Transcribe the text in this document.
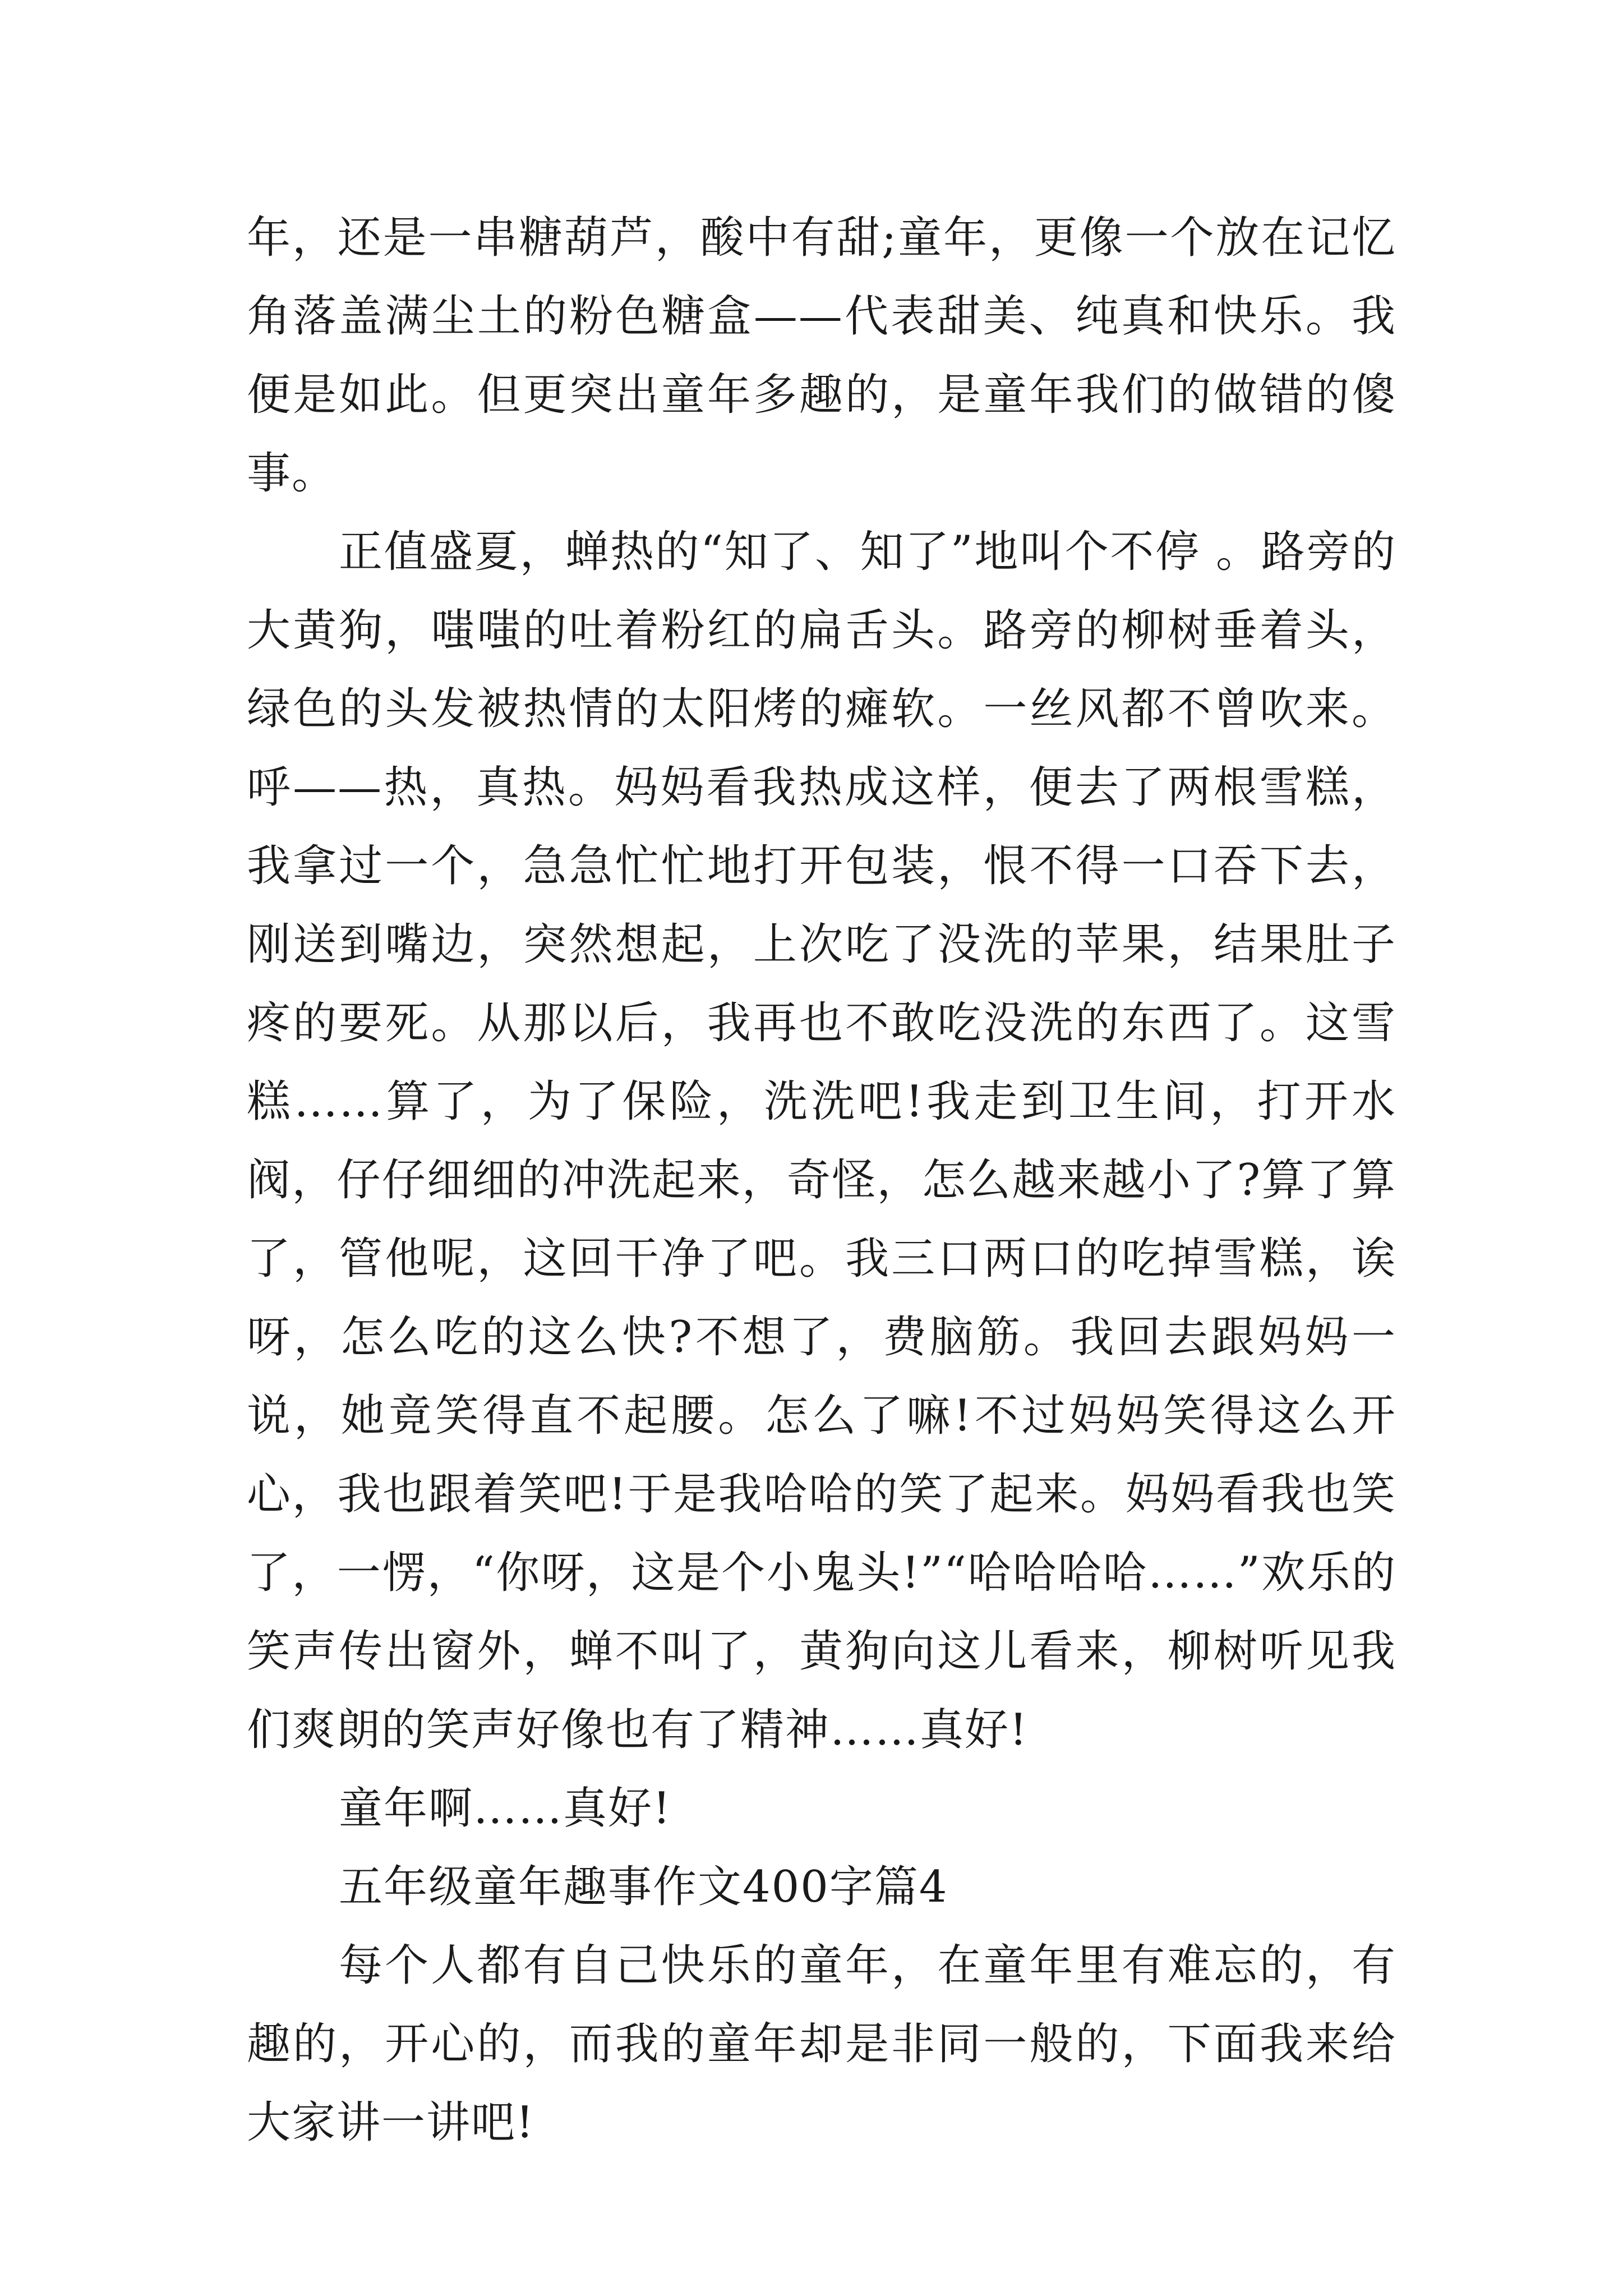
年，还是一串糖葫芦，酸中有甜;童年，更像一个放在记忆角落盖满尘土的粉色糖盒——代表甜美、纯真和快乐。我便是如此。但更突出童年多趣的，是童年我们的做错的傻事。

正值盛夏，蝉热的“知了、知了”地叫个不停 。路旁的大黄狗，嗤嗤的吐着粉红的扁舌头。路旁的柳树垂着头，绿色的头发被热情的太阳烤的瘫软。一丝风都不曾吹来。呼——热，真热。妈妈看我热成这样，便去了两根雪糕，我拿过一个，急急忙忙地打开包装，恨不得一口吞下去，刚送到嘴边，突然想起，上次吃了没洗的苹果，结果肚子疼的要死。从那以后，我再也不敢吃没洗的东西了。这雪糕……算了，为了保险，洗洗吧!我走到卫生间，打开水阀，仔仔细细的冲洗起来，奇怪，怎么越来越小了?算了算了，管他呢，这回干净了吧。我三口两口的吃掉雪糕，诶呀，怎么吃的这么快?不想了，费脑筋。我回去跟妈妈一说，她竟笑得直不起腰。怎么了嘛!不过妈妈笑得这么开心，我也跟着笑吧!于是我哈哈的笑了起来。妈妈看我也笑了，一愣，“你呀，这是个小鬼头!”“哈哈哈哈……”欢乐的笑声传出窗外，蝉不叫了，黄狗向这儿看来，柳树听见我们爽朗的笑声好像也有了精神……真好!

童年啊……真好!

五年级童年趣事作文400字篇4

每个人都有自己快乐的童年，在童年里有难忘的，有趣的，开心的，而我的童年却是非同一般的，下面我来给大家讲一讲吧!
